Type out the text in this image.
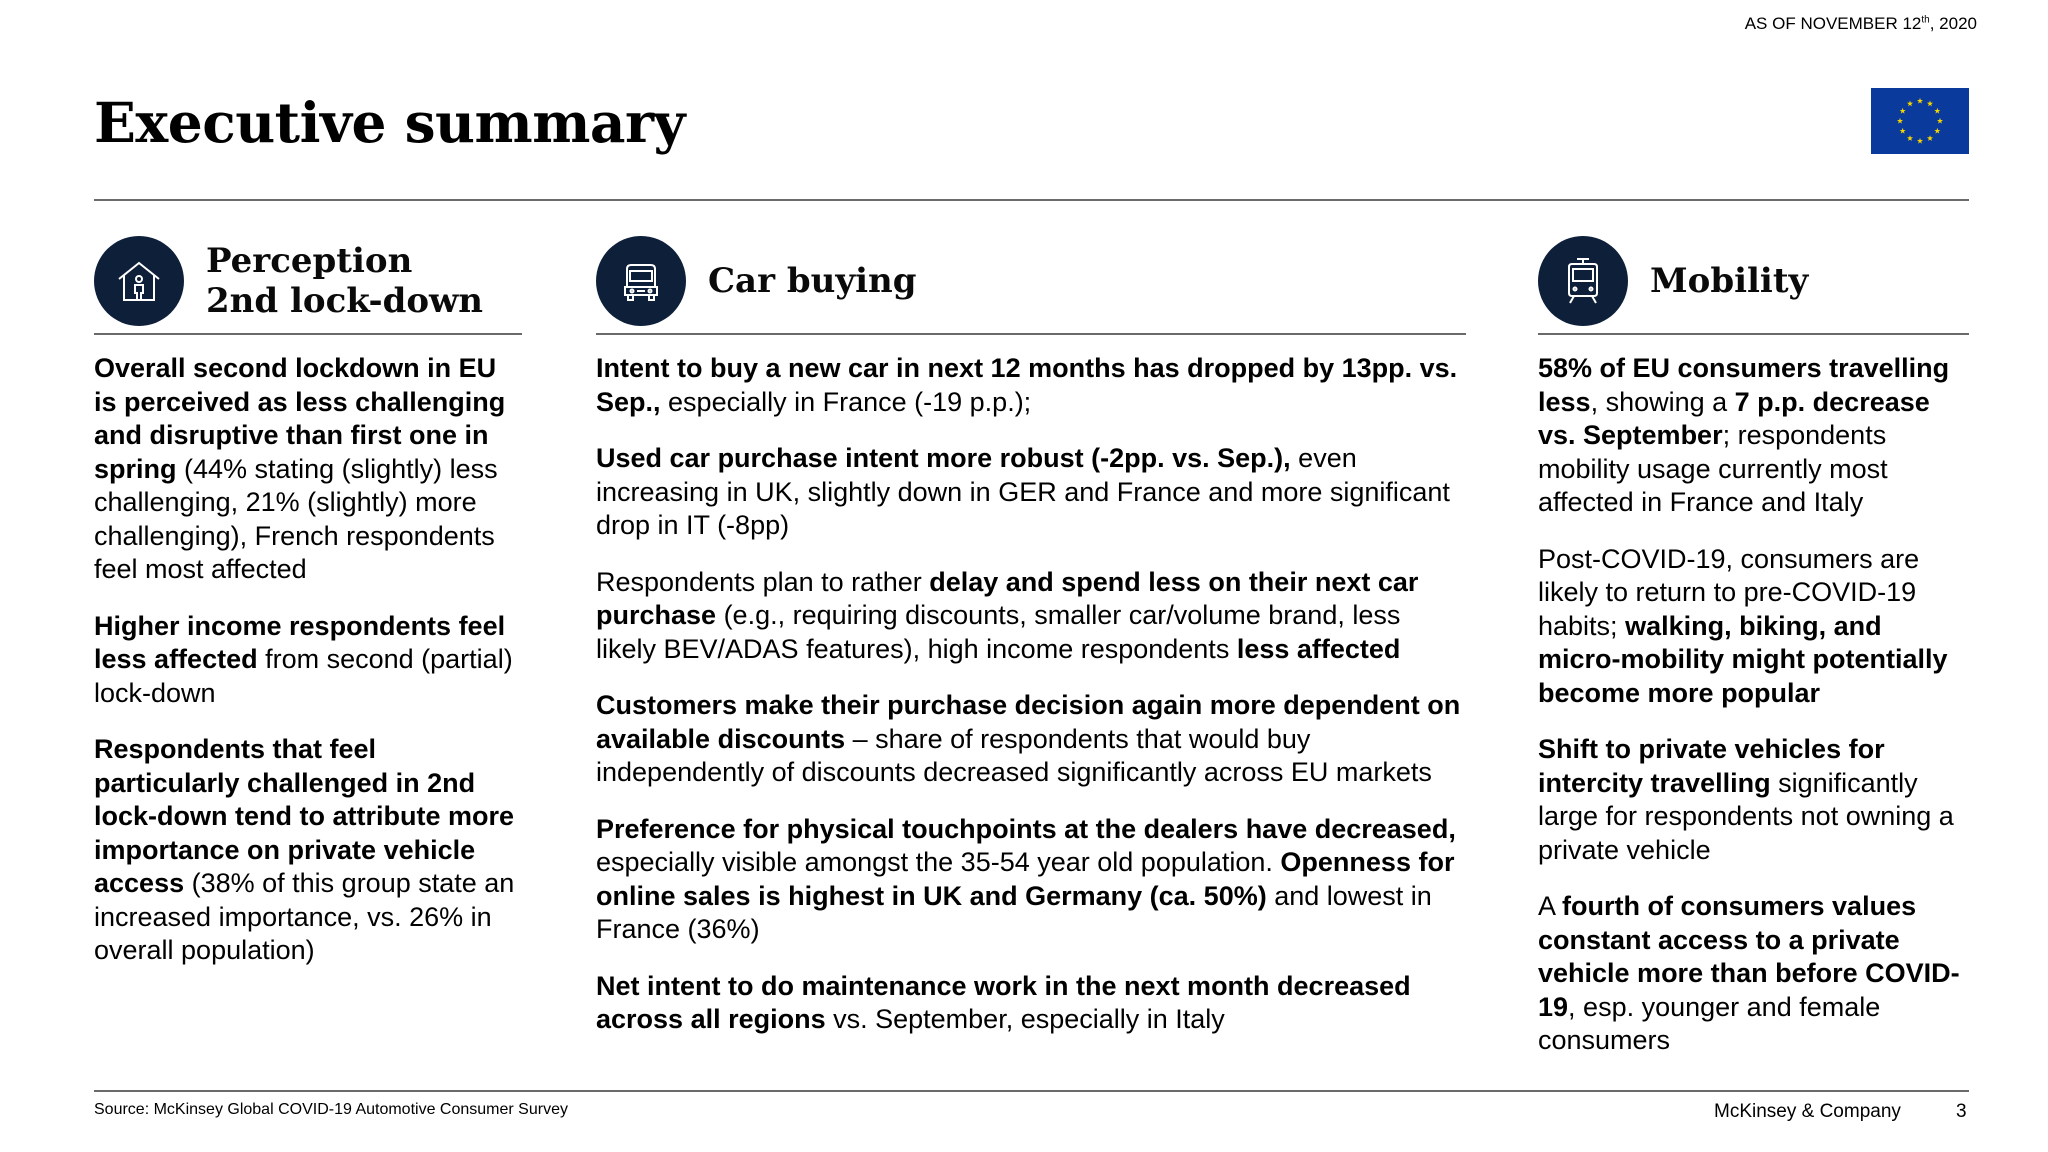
AS OF NOVEMBER 12th, 2020
Executive summary
Perception
2nd lock-down

Overall second lockdown in EU is perceived as less challenging and disruptive than first one in spring (44% stating (slightly) less challenging, 21% (slightly) more challenging), French respondents feel most affected

Higher income respondents feel less affected from second (partial) lock-down

Respondents that feel particularly challenged in 2nd lock-down tend to attribute more importance on private vehicle access (38% of this group state an increased importance, vs. 26% in overall population)

Car buying

Intent to buy a new car in next 12 months has dropped by 13pp. vs. Sep., especially in France (-19 p.p.);

Used car purchase intent more robust (-2pp. vs. Sep.), even increasing in UK, slightly down in GER and France and more significant drop in IT (-8pp)

Respondents plan to rather delay and spend less on their next car purchase (e.g., requiring discounts, smaller car/volume brand, less likely BEV/ADAS features), high income respondents less affected

Customers make their purchase decision again more dependent on available discounts – share of respondents that would buy independently of discounts decreased significantly across EU markets

Preference for physical touchpoints at the dealers have decreased, especially visible amongst the 35-54 year old population. Openness for online sales is highest in UK and Germany (ca. 50%) and lowest in France (36%)

Net intent to do maintenance work in the next month decreased across all regions vs. September, especially in Italy

Mobility

58% of EU consumers travelling less, showing a 7 p.p. decrease vs. September; respondents mobility usage currently most affected in France and Italy

Post-COVID-19, consumers are likely to return to pre-COVID-19 habits; walking, biking, and micro-mobility might potentially become more popular

Shift to private vehicles for intercity travelling significantly large for respondents not owning a private vehicle

A fourth of consumers values constant access to a private vehicle more than before COVID-19, esp. younger and female consumers

Source: McKinsey Global COVID-19 Automotive Consumer Survey	McKinsey & Company	3
